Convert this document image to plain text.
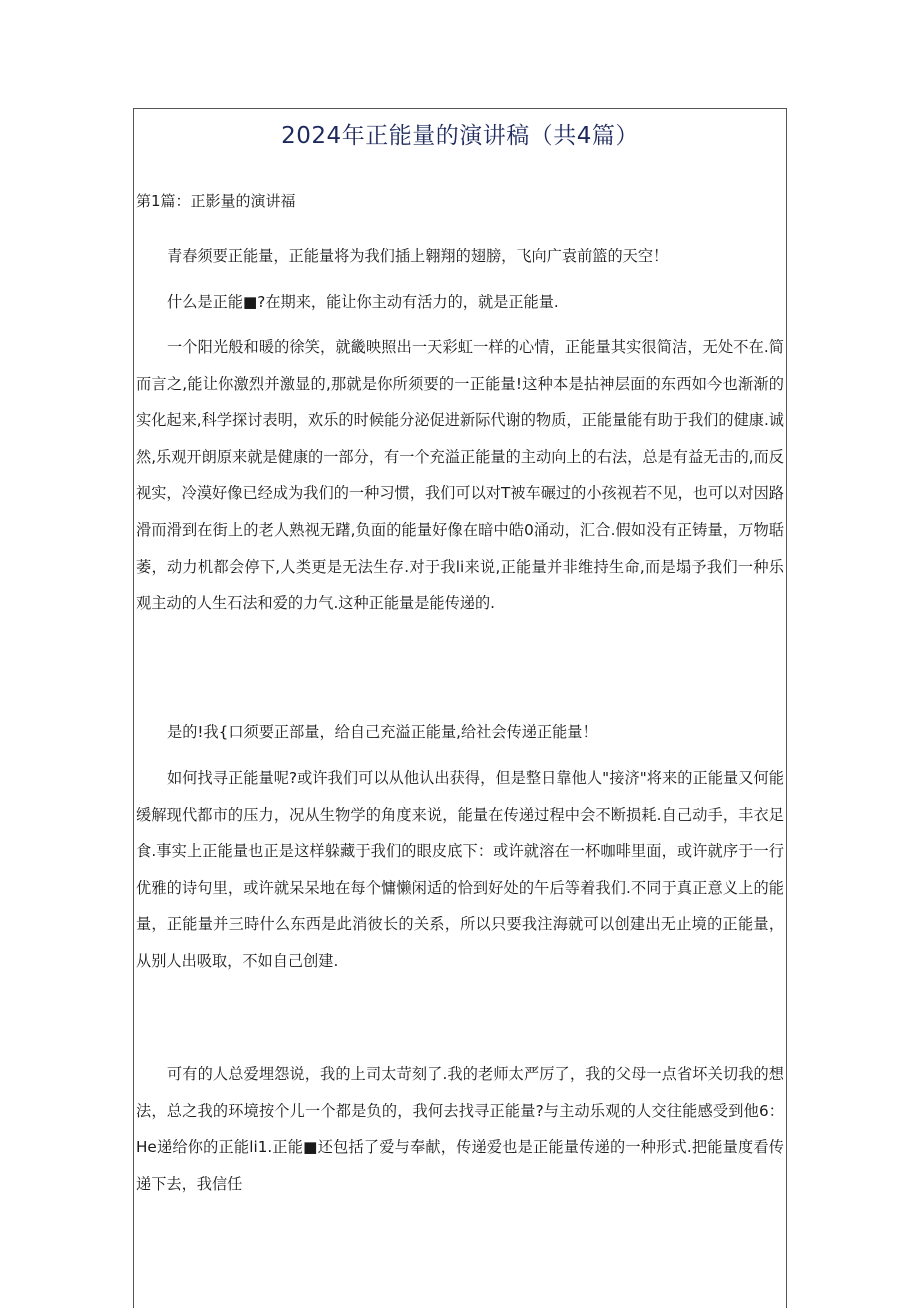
2024年正能量的演讲稿（共4篇）

第1篇：正影量的演讲福

青春须要正能量，正能量将为我们插上翱翔的翅膀，飞向广袁前篮的天空！

什么是正能■?在期来，能让你主动有活力的，就是正能量.

一个阳光般和暖的徐笑，就畿映照出一天彩虹一样的心情，正能量其实很简洁，无处不在.简而言之,能让你激烈并激显的,那就是你所须要的一正能量!这种本是拈神层面的东西如今也渐渐的实化起来,科学探讨表明，欢乐的时候能分泌促进新际代谢的物质，正能量能有助于我们的健康.诚然,乐观开朗原来就是健康的一部分，有一个充溢正能量的主动向上的右法，总是有益无击的,而反视实，冷漠好像已经成为我们的一种习惯，我们可以对T被车碾过的小孩视若不见，也可以对因路滑而滑到在街上的老人熟视无躇,负面的能量好像在暗中皓0涌动，汇合.假如没有正铸量，万物聒萎，动力机都会停下,人类更是无法生存.对于我li来说,正能量并非维持生命,而是塌予我们一种乐观主动的人生石法和爱的力气.这种正能量是能传递的.

是的!我{口须要正部量，给自己充溢正能量,给社会传递正能量！

如何找寻正能量呢?或许我们可以从他认出获得，但是整日靠他人"接济"将来的正能量又何能缓解现代都市的压力，况从生物学的角度来说，能量在传递过程中会不断损耗.自己动手，丰衣足食.事实上正能量也正是这样躲藏于我们的眼皮底下：或许就溶在一杯咖啡里面，或许就序于一行优雅的诗句里，或许就呆呆地在每个慵懒闲适的恰到好处的午后等着我们.不同于真正意义上的能量，正能量并三時什么东西是此消彼长的关系，所以只要我注海就可以创建出无止境的正能量，从别人出吸取，不如自己创建.

可有的人总爱埋怨说，我的上司太苛刻了.我的老师太严厉了，我的父母一点省坏关切我的想法，总之我的环境按个儿一个都是负的，我何去找寻正能量?与主动乐观的人交往能感受到他6：He递给你的正能li1.正能■还包括了爱与奉献，传递爱也是正能量传递的一种形式.把能量度看传递下去，我信任
